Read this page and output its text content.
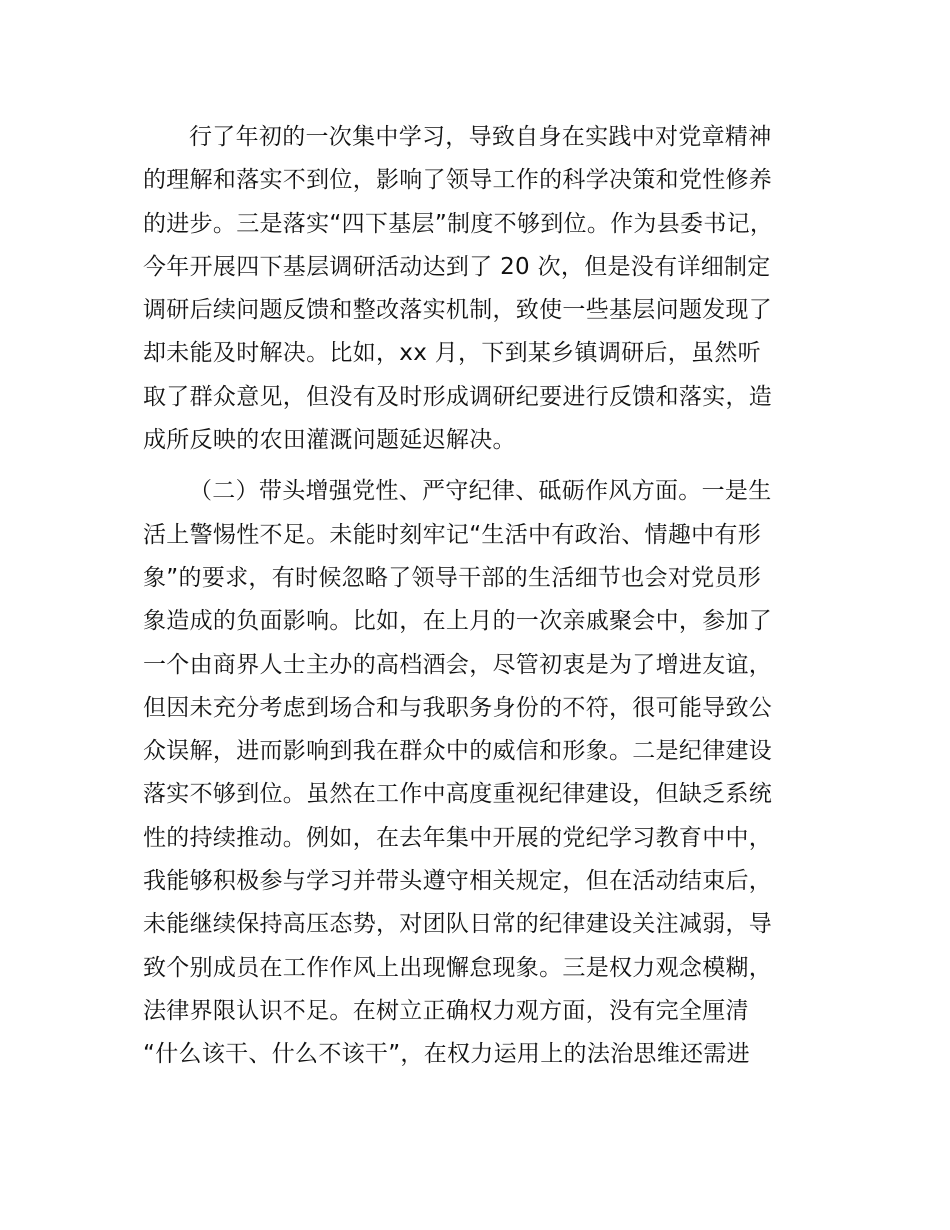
行了年初的一次集中学习，导致自身在实践中对党章精神
的理解和落实不到位，影响了领导工作的科学决策和党性修养
的进步。三是落实“四下基层”制度不够到位。作为县委书记，
今年开展四下基层调研活动达到了 20 次，但是没有详细制定
调研后续问题反馈和整改落实机制，致使一些基层问题发现了
却未能及时解决。比如，xx 月，下到某乡镇调研后，虽然听
取了群众意见，但没有及时形成调研纪要进行反馈和落实，造
成所反映的农田灌溉问题延迟解决。
（二）带头增强党性、严守纪律、砥砺作风方面。一是生
活上警惕性不足。未能时刻牢记“生活中有政治、情趣中有形
象”的要求，有时候忽略了领导干部的生活细节也会对党员形
象造成的负面影响。比如，在上月的一次亲戚聚会中，参加了
一个由商界人士主办的高档酒会，尽管初衷是为了增进友谊，
但因未充分考虑到场合和与我职务身份的不符，很可能导致公
众误解，进而影响到我在群众中的威信和形象。二是纪律建设
落实不够到位。虽然在工作中高度重视纪律建设，但缺乏系统
性的持续推动。例如，在去年集中开展的党纪学习教育中中，
我能够积极参与学习并带头遵守相关规定，但在活动结束后，
未能继续保持高压态势，对团队日常的纪律建设关注减弱，导
致个别成员在工作作风上出现懈怠现象。三是权力观念模糊，
法律界限认识不足。在树立正确权力观方面，没有完全厘清
“什么该干、什么不该干”，在权力运用上的法治思维还需进
